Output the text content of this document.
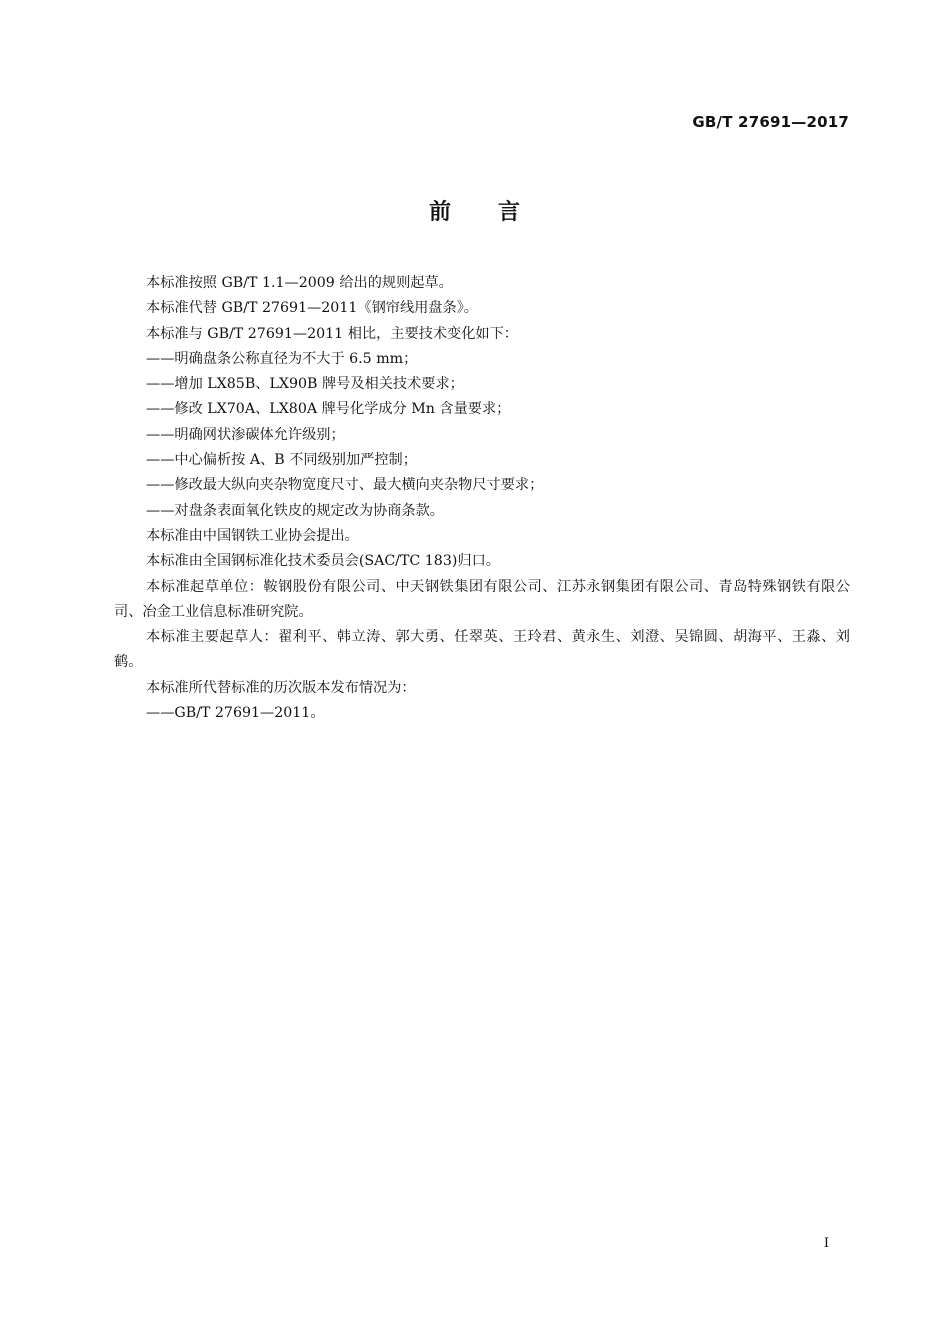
GB/T 27691—2017
前　　言

本标准按照 GB/T 1.1—2009 给出的规则起草。

本标准代替 GB/T 27691—2011《钢帘线用盘条》。

本标准与 GB/T 27691—2011 相比，主要技术变化如下：

——明确盘条公称直径为不大于 6.5 mm；

——增加 LX85B、LX90B 牌号及相关技术要求；

——修改 LX70A、LX80A 牌号化学成分 Mn 含量要求；

——明确网状渗碳体允许级别；

——中心偏析按 A、B 不同级别加严控制；

——修改最大纵向夹杂物宽度尺寸、最大横向夹杂物尺寸要求；

——对盘条表面氧化铁皮的规定改为协商条款。

本标准由中国钢铁工业协会提出。

本标准由全国钢标准化技术委员会(SAC/TC 183)归口。

本标准起草单位：鞍钢股份有限公司、中天钢铁集团有限公司、江苏永钢集团有限公司、青岛特殊钢铁有限公司、冶金工业信息标准研究院。

本标准主要起草人：翟利平、韩立涛、郭大勇、任翠英、王玲君、黄永生、刘澄、吴锦圆、胡海平、王淼、刘鹤。

本标准所代替标准的历次版本发布情况为：

——GB/T 27691—2011。

I
